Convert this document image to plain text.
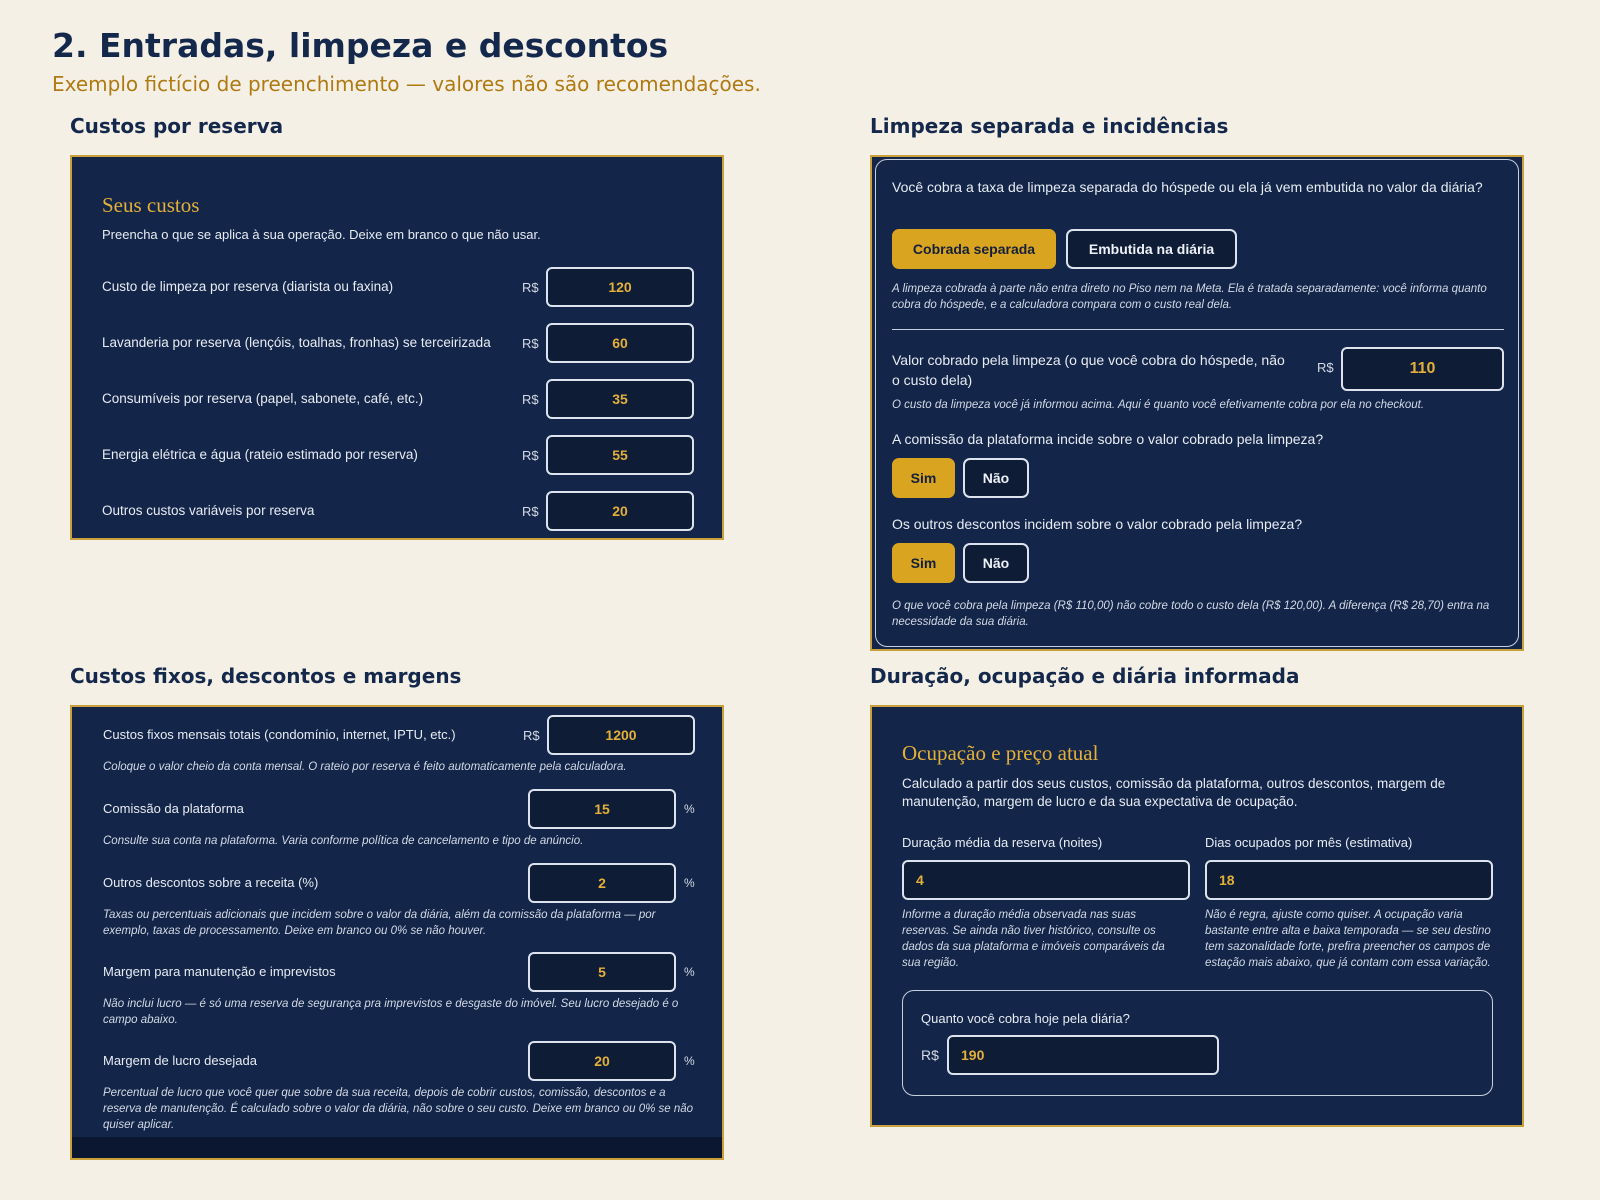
2. Entradas, limpeza e descontos
Exemplo fictício de preenchimento — valores não são recomendações.
Custos por reserva	Limpeza separada e incidências
Custos fixos, descontos e margens	Duração, ocupação e diária informada
Seus custos
Preencha o que se aplica à sua operação. Deixe em branco o que não usar.
Custo de limpeza por reserva (diarista ou faxina)	R$	120
Lavanderia por reserva (lençóis, toalhas, fronhas) se terceirizada R$	60
Consumíveis por reserva (papel, sabonete, café, etc.)	R$	35
Energia elétrica e água (rateio estimado por reserva)	R$	55
Outros custos variáveis por reserva	R$	20
Você cobra a taxa de limpeza separada do hóspede ou ela já vem embutida no valor da diária?
Cobrada separada	Embutida na diária
A limpeza cobrada à parte não entra direto no Piso nem na Meta. Ela é tratada separadamente: você informa quanto cobra do hóspede, e a calculadora compara com o custo real dela.
Valor cobrado pela limpeza (o que você cobra do hóspede, não o custo dela)
R$	110
O custo da limpeza você já informou acima. Aqui é quanto você efetivamente cobra por ela no checkout.
A comissão da plataforma incide sobre o valor cobrado pela limpeza?
Sim	Não
Os outros descontos incidem sobre o valor cobrado pela limpeza?
Sim	Não
O que você cobra pela limpeza (R$ 110,00) não cobre todo o custo dela (R$ 120,00). A diferença (R$ 28,70) entra na necessidade da sua diária.
Custos fixos mensais totais (condomínio, internet, IPTU, etc.)	R$	1200
Coloque o valor cheio da conta mensal. O rateio por reserva é feito automaticamente pela calculadora.
Comissão da plataforma	15	%
Consulte sua conta na plataforma. Varia conforme política de cancelamento e tipo de anúncio.
Outros descontos sobre a receita (%)	2	%
Taxas ou percentuais adicionais que incidem sobre o valor da diária, além da comissão da plataforma — por exemplo, taxas de processamento. Deixe em branco ou 0% se não houver.
Margem para manutenção e imprevistos	5	%
Não inclui lucro — é só uma reserva de segurança pra imprevistos e desgaste do imóvel. Seu lucro desejado é o campo abaixo.
Margem de lucro desejada	20	%
Percentual de lucro que você quer que sobre da sua receita, depois de cobrir custos, comissão, descontos e a reserva de manutenção. É calculado sobre o valor da diária, não sobre o seu custo. Deixe em branco ou 0% se não quiser aplicar.
Ocupação e preço atual
Calculado a partir dos seus custos, comissão da plataforma, outros descontos, margem de manutenção, margem de lucro e da sua expectativa de ocupação.
Duração média da reserva (noites)
4
Informe a duração média observada nas suas reservas. Se ainda não tiver histórico, consulte os dados da sua plataforma e imóveis comparáveis da sua região.
Dias ocupados por mês (estimativa)
18
Não é regra, ajuste como quiser. A ocupação varia bastante entre alta e baixa temporada — se seu destino tem sazonalidade forte, prefira preencher os campos de estação mais abaixo, que já contam com essa variação.
Quanto você cobra hoje pela diária?
R$	190
